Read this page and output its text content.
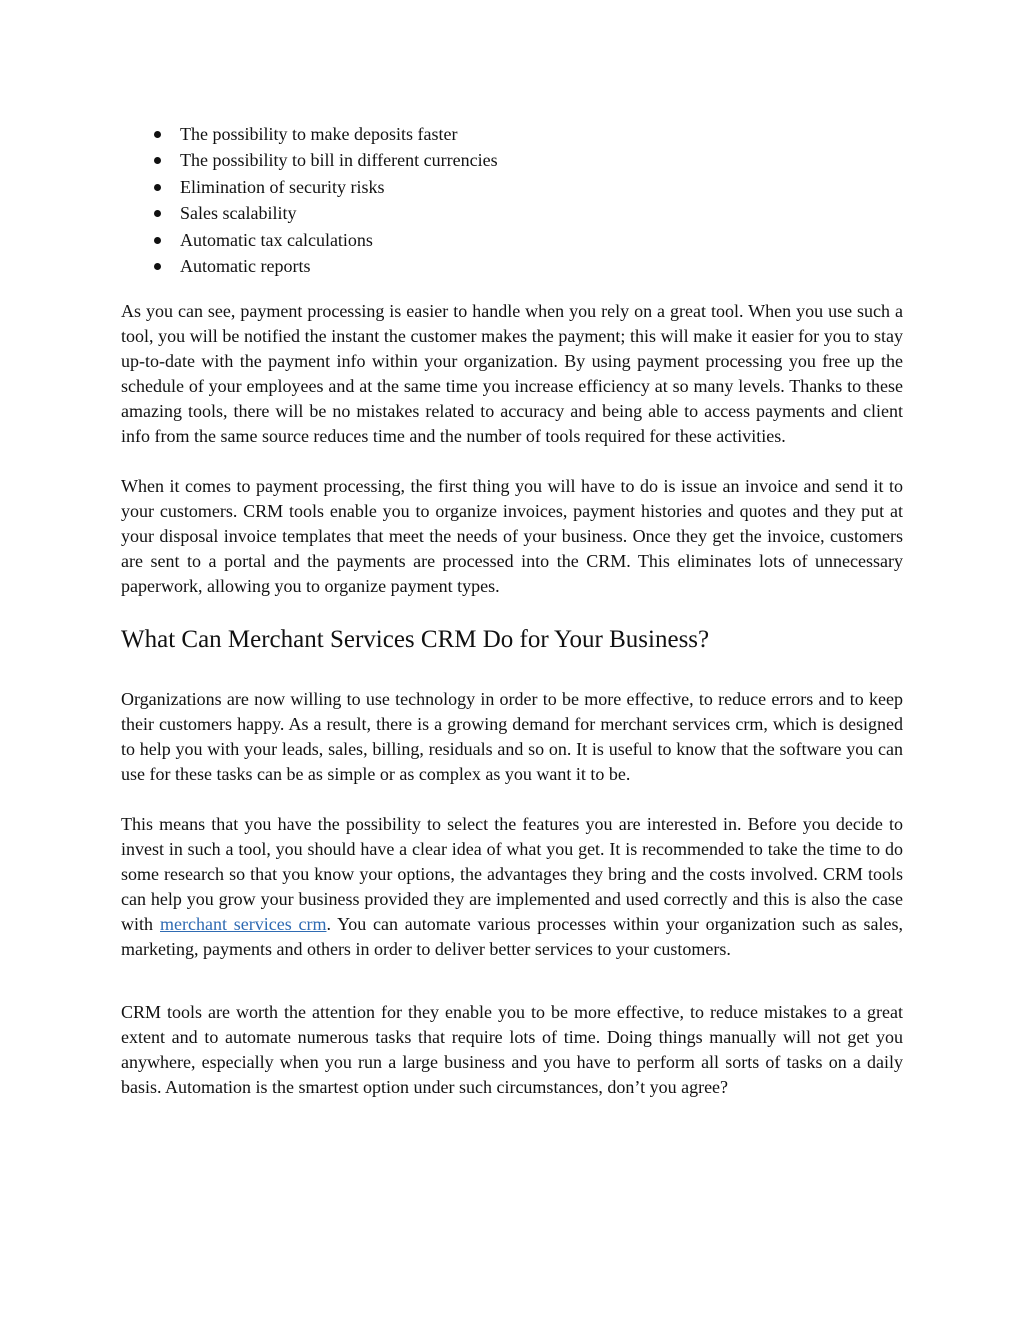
The possibility to make deposits faster
The possibility to bill in different currencies
Elimination of security risks
Sales scalability
Automatic tax calculations
Automatic reports

As you can see, payment processing is easier to handle when you rely on a great tool. When you use such a tool, you will be notified the instant the customer makes the payment; this will make it easier for you to stay up-to-date with the payment info within your organization. By using payment processing you free up the schedule of your employees and at the same time you increase efficiency at so many levels. Thanks to these amazing tools, there will be no mistakes related to accuracy and being able to access payments and client info from the same source reduces time and the number of tools required for these activities.

When it comes to payment processing, the first thing you will have to do is issue an invoice and send it to your customers. CRM tools enable you to organize invoices, payment histories and quotes and they put at your disposal invoice templates that meet the needs of your business. Once they get the invoice, customers are sent to a portal and the payments are processed into the CRM. This eliminates lots of unnecessary paperwork, allowing you to organize payment types.

What Can Merchant Services CRM Do for Your Business?

Organizations are now willing to use technology in order to be more effective, to reduce errors and to keep their customers happy. As a result, there is a growing demand for merchant services crm, which is designed to help you with your leads, sales, billing, residuals and so on. It is useful to know that the software you can use for these tasks can be as simple or as complex as you want it to be.

This means that you have the possibility to select the features you are interested in. Before you decide to invest in such a tool, you should have a clear idea of what you get. It is recommended to take the time to do some research so that you know your options, the advantages they bring and the costs involved. CRM tools can help you grow your business provided they are implemented and used correctly and this is also the case with merchant services crm. You can automate various processes within your organization such as sales, marketing, payments and others in order to deliver better services to your customers.

CRM tools are worth the attention for they enable you to be more effective, to reduce mistakes to a great extent and to automate numerous tasks that require lots of time. Doing things manually will not get you anywhere, especially when you run a large business and you have to perform all sorts of tasks on a daily basis. Automation is the smartest option under such circumstances, don’t you agree?
